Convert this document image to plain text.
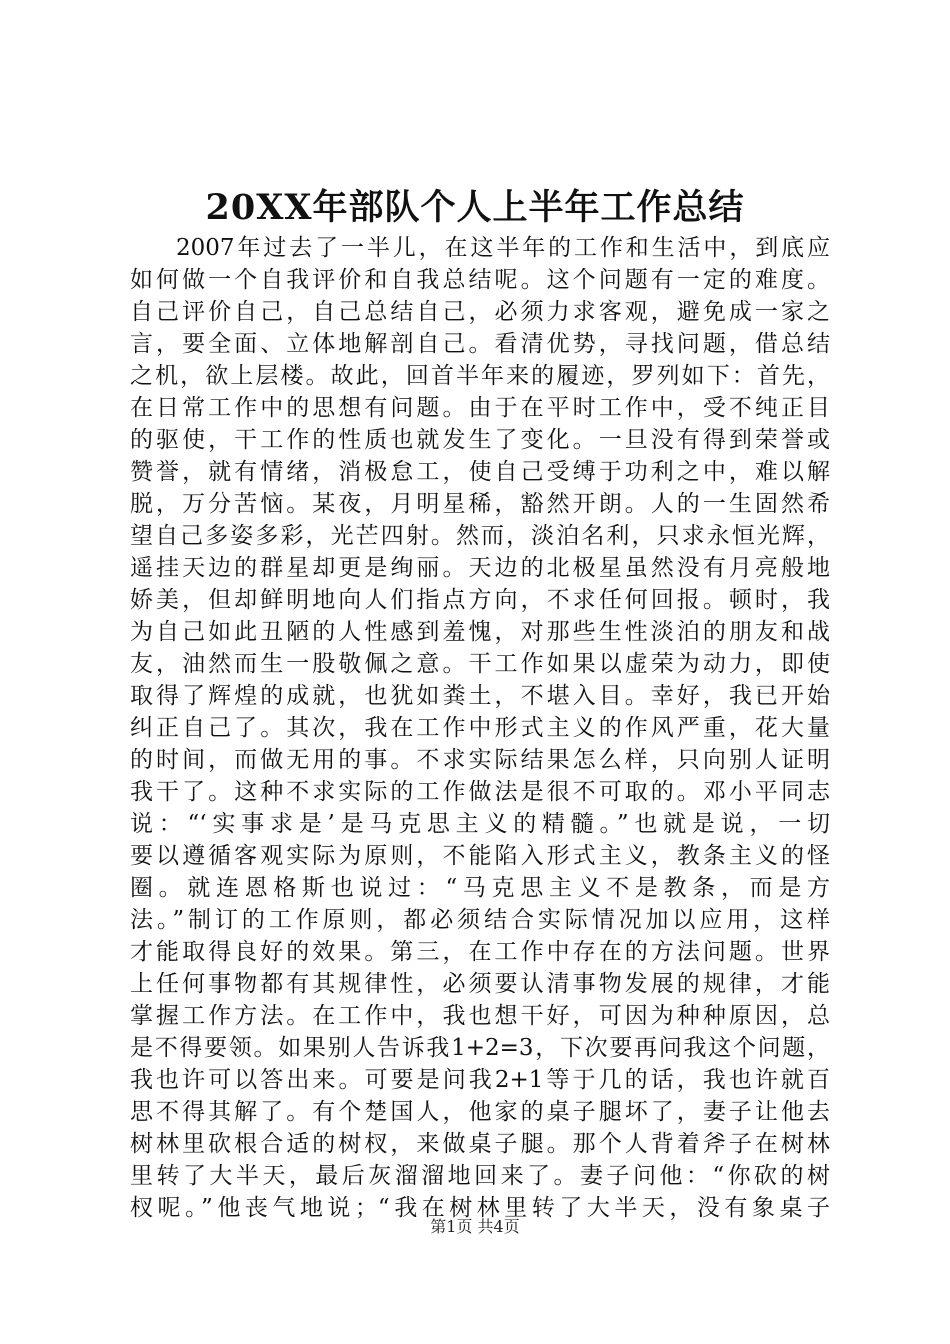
20XX年部队个人上半年工作总结
2007年过去了一半儿，在这半年的工作和生活中，到底应
如何做一个自我评价和自我总结呢。这个问题有一定的难度。
自己评价自己，自己总结自己，必须力求客观，避免成一家之
言，要全面、立体地解剖自己。看清优势，寻找问题，借总结
之机，欲上层楼。故此，回首半年来的履迹，罗列如下：首先，
在日常工作中的思想有问题。由于在平时工作中，受不纯正目
的驱使，干工作的性质也就发生了变化。一旦没有得到荣誉或
赞誉，就有情绪，消极怠工，使自己受缚于功利之中，难以解
脱，万分苦恼。某夜，月明星稀，豁然开朗。人的一生固然希
望自己多姿多彩，光芒四射。然而，淡泊名利，只求永恒光辉，
遥挂天边的群星却更是绚丽。天边的北极星虽然没有月亮般地
娇美，但却鲜明地向人们指点方向，不求任何回报。顿时，我
为自己如此丑陋的人性感到羞愧，对那些生性淡泊的朋友和战
友，油然而生一股敬佩之意。干工作如果以虚荣为动力，即使
取得了辉煌的成就，也犹如粪土，不堪入目。幸好，我已开始
纠正自己了。其次，我在工作中形式主义的作风严重，花大量
的时间，而做无用的事。不求实际结果怎么样，只向别人证明
我干了。这种不求实际的工作做法是很不可取的。邓小平同志
说：“‘实事求是’是马克思主义的精髓。”也就是说，一切
要以遵循客观实际为原则，不能陷入形式主义，教条主义的怪
圈。就连恩格斯也说过：“马克思主义不是教条，而是方
法。”制订的工作原则，都必须结合实际情况加以应用，这样
才能取得良好的效果。第三，在工作中存在的方法问题。世界
上任何事物都有其规律性，必须要认清事物发展的规律，才能
掌握工作方法。在工作中，我也想干好，可因为种种原因，总
是不得要领。如果别人告诉我1+2=3，下次要再问我这个问题，
我也许可以答出来。可要是问我2+1等于几的话，我也许就百
思不得其解了。有个楚国人，他家的桌子腿坏了，妻子让他去
树林里砍根合适的树杈，来做桌子腿。那个人背着斧子在树林
里转了大半天，最后灰溜溜地回来了。妻子问他：“你砍的树
杈呢。”他丧气地说；“我在树林里转了大半天，没有象桌子
第1页 共4页
